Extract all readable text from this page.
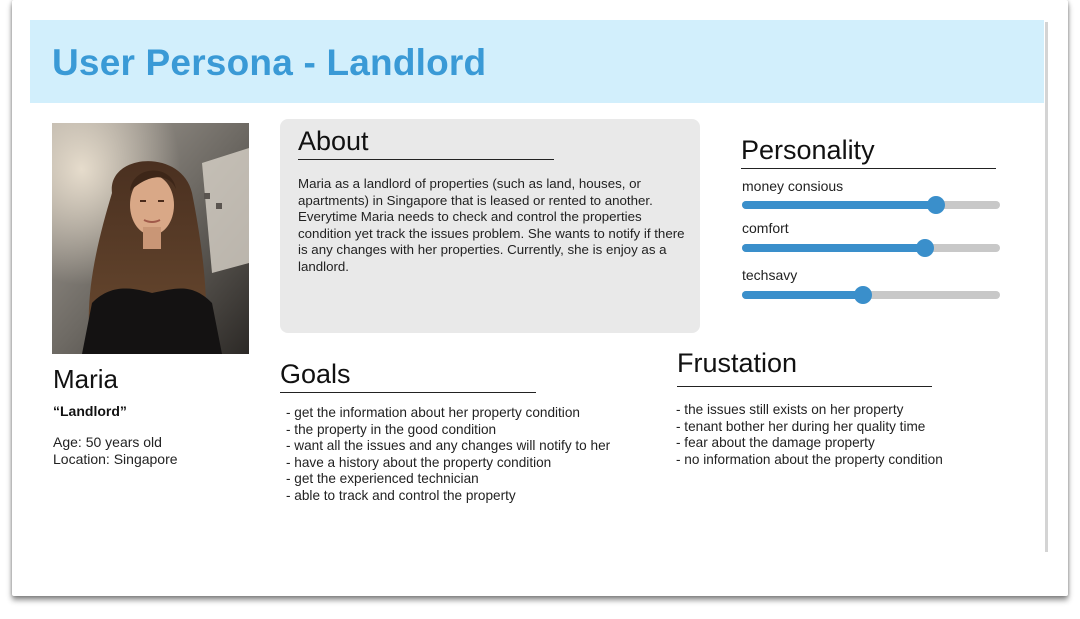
User Persona - Landlord
Maria
“Landlord”
Age: 50 years old
Location: Singapore
About
Maria as a landlord of properties (such as land, houses, or apartments) in Singapore that is leased or rented to another. Everytime Maria needs to check and control the properties condition yet track the issues problem. She wants to notify if there is any changes with her properties. Currently, she is enjoy as a landlord.
Personality
money consious
comfort
techsavy
Goals
- get the information about her property condition
- the property in the good condition
- want all the issues and any changes will notify to her
- have a history about the property condition
- get the experienced technician
- able to track and control the property
Frustation
- the issues still exists on her property
- tenant bother her during her quality time
- fear about the damage property
- no information about the property condition
